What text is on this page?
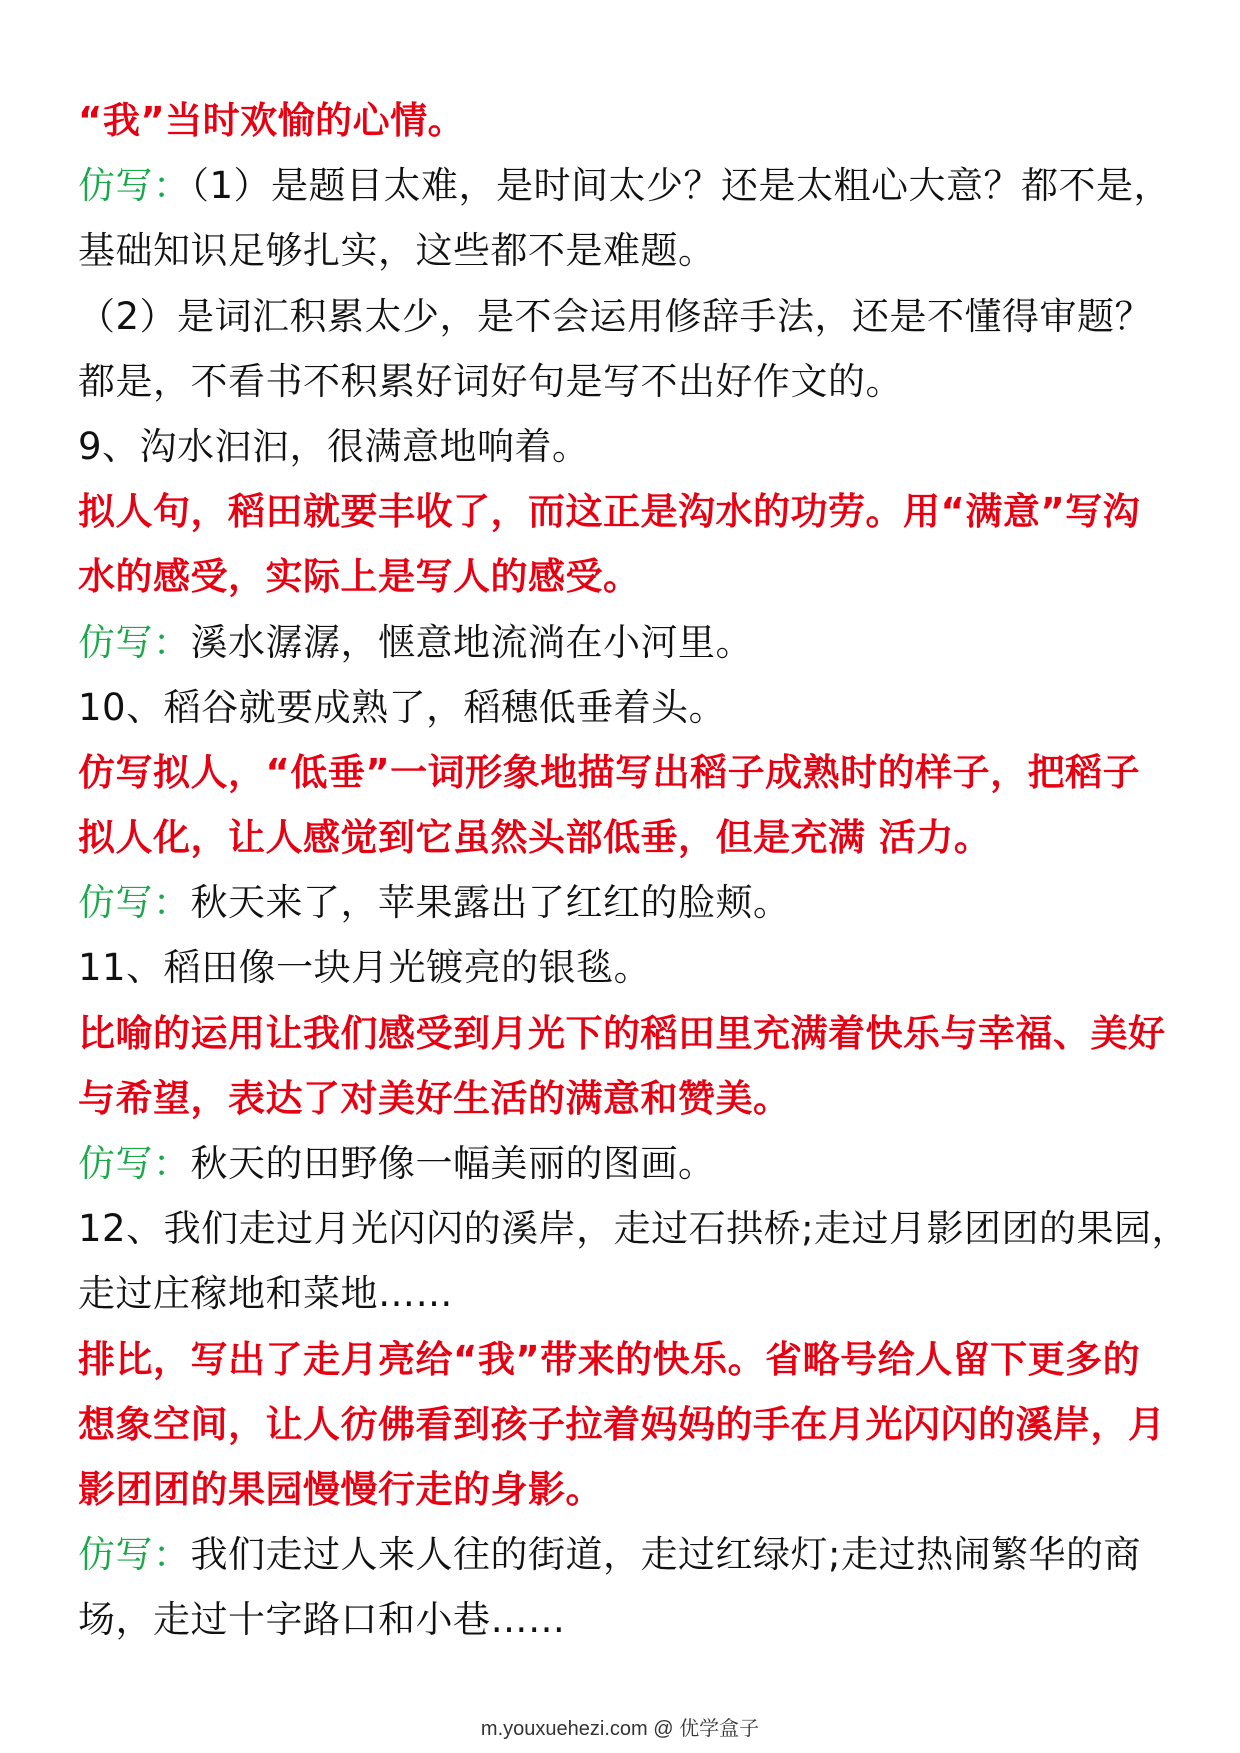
“我”当时欢愉的心情。
仿写：（1）是题目太难，是时间太少？还是太粗心大意？都不是，
基础知识足够扎实，这些都不是难题。
（2）是词汇积累太少，是不会运用修辞手法，还是不懂得审题？
都是，不看书不积累好词好句是写不出好作文的。
9、沟水汩汩，很满意地响着。
拟人句，稻田就要丰收了，而这正是沟水的功劳。用“满意”写沟
水的感受，实际上是写人的感受。
仿写：溪水潺潺，惬意地流淌在小河里。
10、稻谷就要成熟了，稻穗低垂着头。
仿写拟人，“低垂”一词形象地描写出稻子成熟时的样子，把稻子
拟人化，让人感觉到它虽然头部低垂，但是充满 活力。
仿写：秋天来了，苹果露出了红红的脸颊。
11、稻田像一块月光镀亮的银毯。
比喻的运用让我们感受到月光下的稻田里充满着快乐与幸福、美好
与希望，表达了对美好生活的满意和赞美。
仿写：秋天的田野像一幅美丽的图画。
12、我们走过月光闪闪的溪岸，走过石拱桥;走过月影团团的果园，
走过庄稼地和菜地……
排比，写出了走月亮给“我”带来的快乐。省略号给人留下更多的
想象空间，让人彷佛看到孩子拉着妈妈的手在月光闪闪的溪岸，月
影团团的果园慢慢行走的身影。
仿写：我们走过人来人往的街道，走过红绿灯;走过热闹繁华的商
场，走过十字路口和小巷……
m.youxuehezi.com @ 优学盒子
